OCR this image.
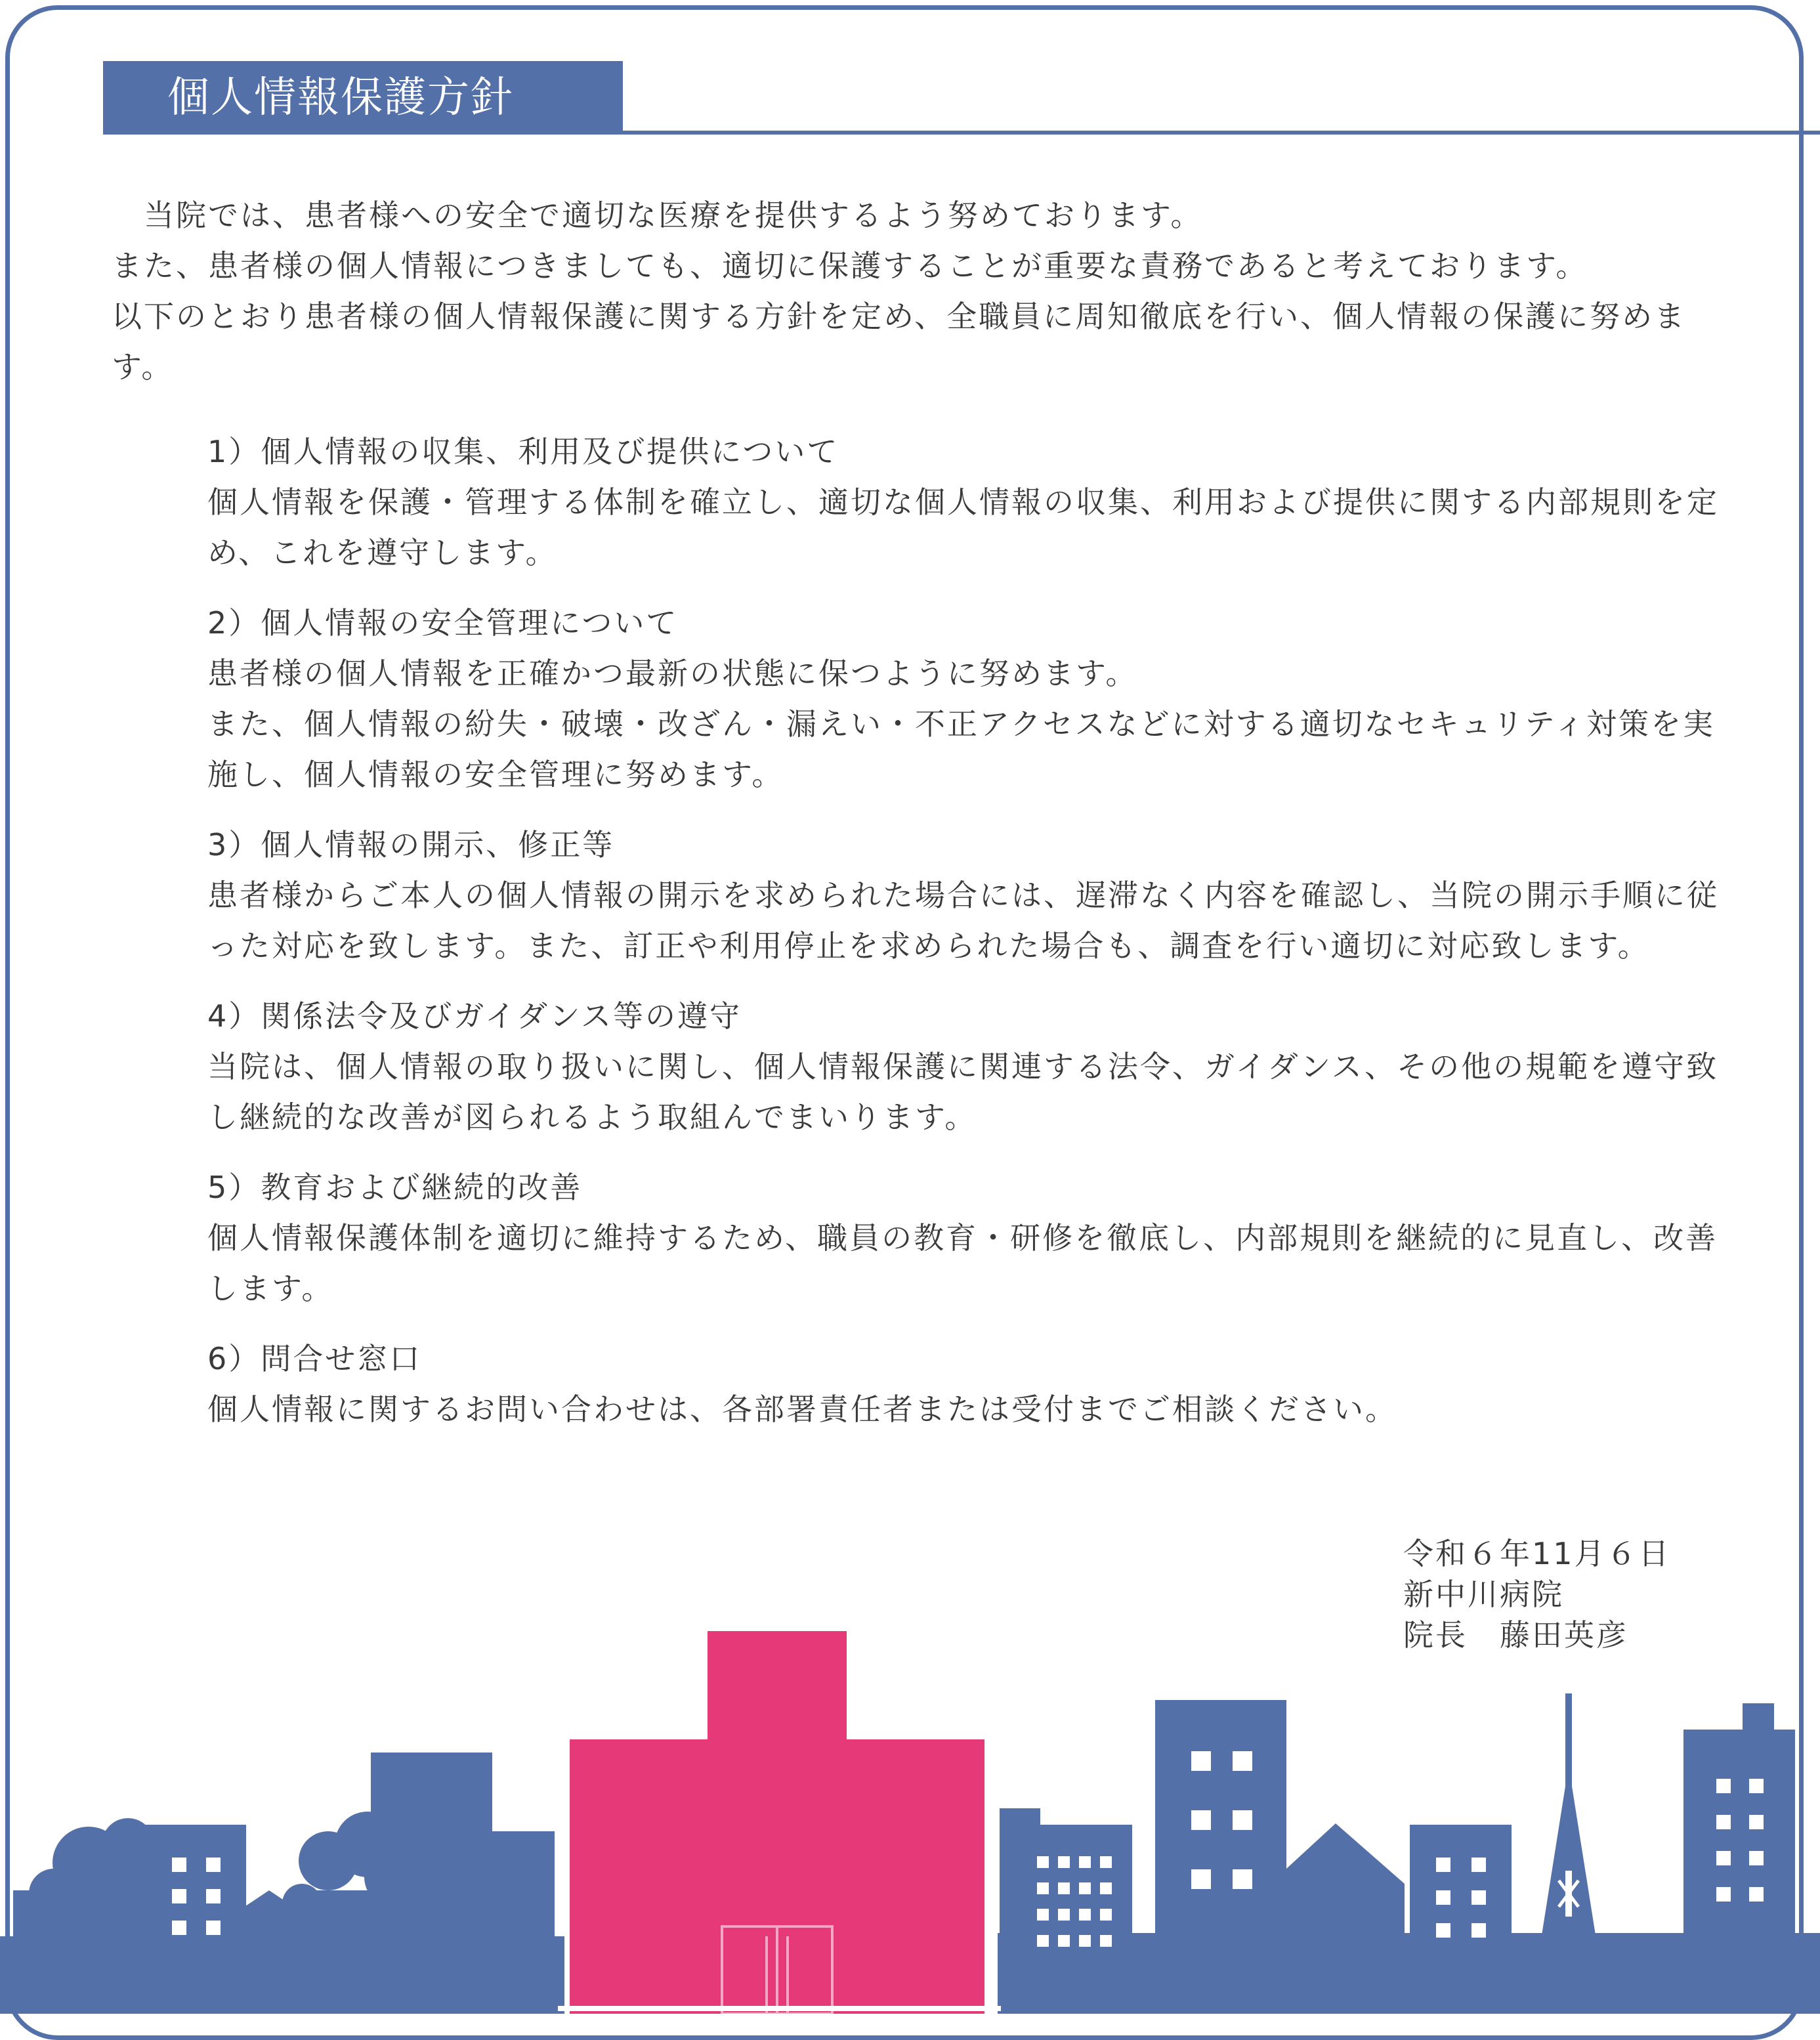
個人情報保護方針

　当院では、患者様への安全で適切な医療を提供するよう努めております。

また、患者様の個人情報につきましても、適切に保護することが重要な責務であると考えております。

以下のとおり患者様の個人情報保護に関する方針を定め、全職員に周知徹底を行い、個人情報の保護に努めます。

1）個人情報の収集、利用及び提供について

個人情報を保護・管理する体制を確立し、適切な個人情報の収集、利用および提供に関する内部規則を定め、これを遵守します。

2）個人情報の安全管理について

患者様の個人情報を正確かつ最新の状態に保つように努めます。

また、個人情報の紛失・破壊・改ざん・漏えい・不正アクセスなどに対する適切なセキュリティ対策を実施し、個人情報の安全管理に努めます。

3）個人情報の開示、修正等

患者様からご本人の個人情報の開示を求められた場合には、遅滞なく内容を確認し、当院の開示手順に従った対応を致します。また、訂正や利用停止を求められた場合も、調査を行い適切に対応致します。

4）関係法令及びガイダンス等の遵守

当院は、個人情報の取り扱いに関し、個人情報保護に関連する法令、ガイダンス、その他の規範を遵守致し継続的な改善が図られるよう取組んでまいります。

5）教育および継続的改善

個人情報保護体制を適切に維持するため、職員の教育・研修を徹底し、内部規則を継続的に見直し、改善します。

6）問合せ窓口

個人情報に関するお問い合わせは、各部署責任者または受付までご相談ください。

令和６年11月６日
新中川病院
院長　藤田英彦
